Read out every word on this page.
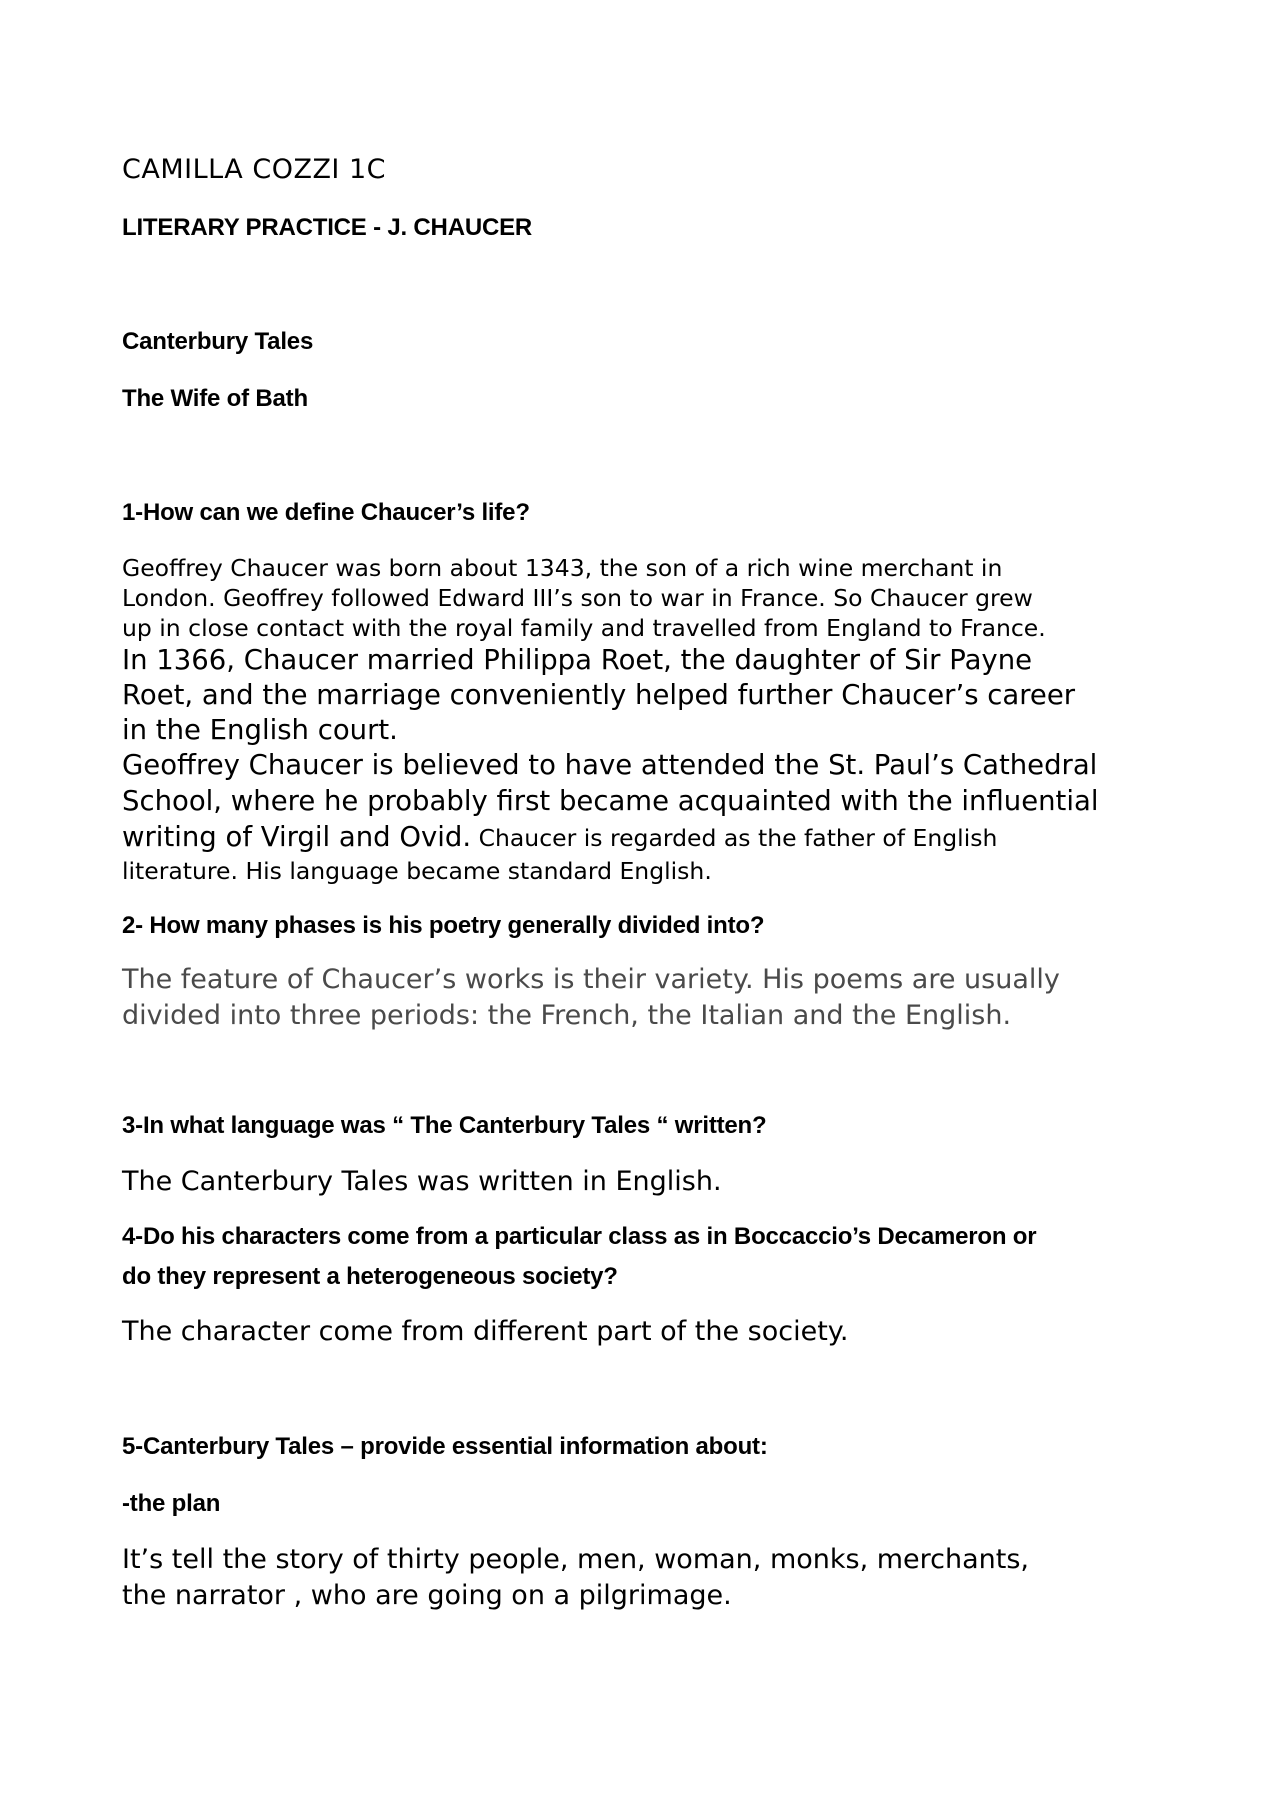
CAMILLA COZZI 1C

LITERARY PRACTICE - J. CHAUCER

Canterbury Tales

The Wife of Bath

1-How can we define Chaucer’s life?

Geoffrey Chaucer was born about 1343, the son of a rich wine merchant in

London. Geoffrey followed Edward III’s son to war in France. So Chaucer grew

up in close contact with the royal family and travelled from England to France.

In 1366, Chaucer married Philippa Roet, the daughter of Sir Payne

Roet, and the marriage conveniently helped further Chaucer’s career

in the English court.

Geoffrey Chaucer is believed to have attended the St. Paul’s Cathedral

School, where he probably first became acquainted with the influential

writing of Virgil and Ovid. Chaucer is regarded as the father of English

literature. His language became standard English.

2- How many phases is his poetry generally divided into?

The feature of Chaucer’s works is their variety. His poems are usually

divided into three periods: the French, the Italian and the English.

3-In what language was “ The Canterbury Tales “ written?

The Canterbury Tales was written in English.

4-Do his characters come from a particular class as in Boccaccio’s Decameron or

do they represent a heterogeneous society?

The character come from different part of the society.

5-Canterbury Tales – provide essential information about:

-the plan

It’s tell the story of thirty people, men, woman, monks, merchants,

the narrator , who are going on a pilgrimage.
